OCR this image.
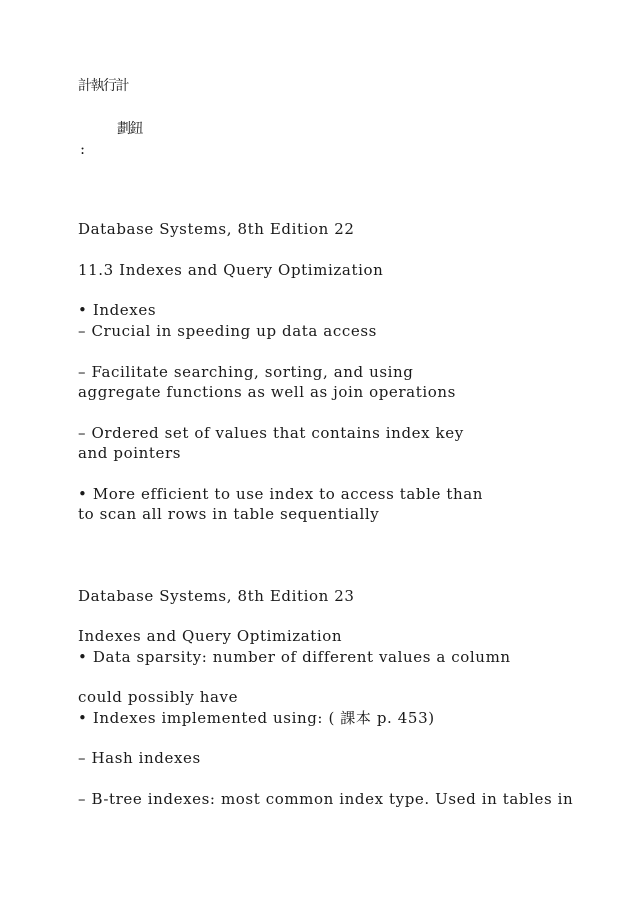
計執行計

劃鈕

:

Database Systems, 8th Edition 22

11.3 Indexes and Query Optimization

• Indexes

– Crucial in speeding up data access

– Facilitate searching, sorting, and using

aggregate functions as well as join operations

– Ordered set of values that contains index key

and pointers

• More efficient to use index to access table than

to scan all rows in table sequentially

Database Systems, 8th Edition 23

Indexes and Query Optimization

• Data sparsity: number of different values a column

could possibly have

• Indexes implemented using: ( 課本 p. 453)

– Hash indexes

– B-tree indexes: most common index type. Used in tables in
